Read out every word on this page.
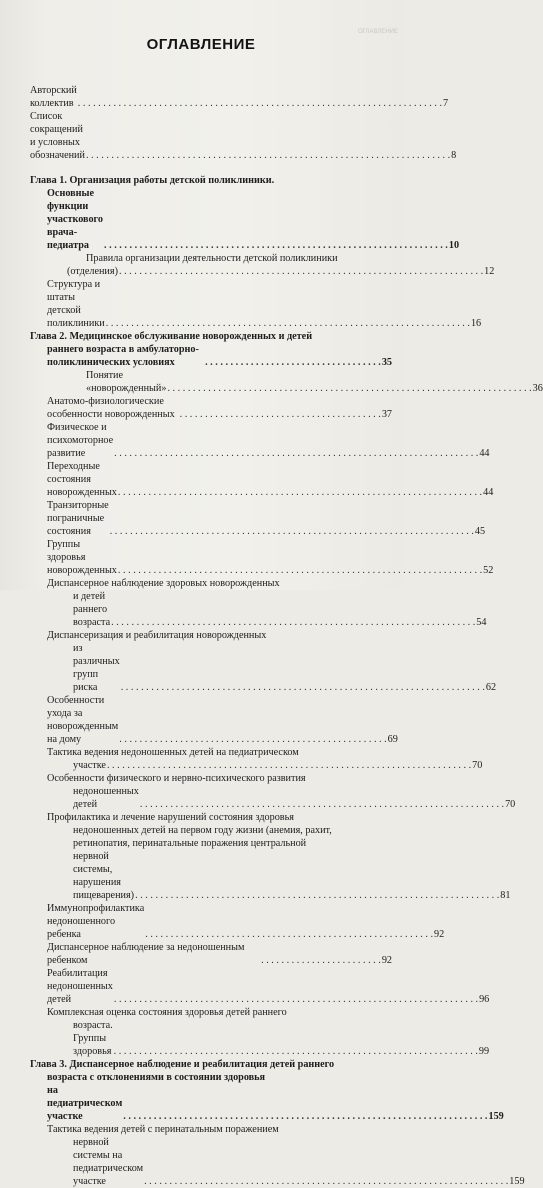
ОГЛАВЛЕНИЕ
ОГЛАВЛЕНИЕ
Авторский коллектив . . . . . . . . . . . . . . . . . . . . . . . . . . . . . . . . . . . . . . . . . . . . . . . . . . . . . . . . . . . . . . . . . . . . . . . . 7
Список сокращений и условных обозначений . . . . . . . . . . . . . . . . . . . . . . . . . . . . . . . . . . . . . . . . . . . . . . . . . . . . . . . . . . . . . . . . . . . . . . . . 8
Глава 1. Организация работы детской поликлиники.
Основные функции участкового врача-педиатра	. . . . . . . . . . . . . . . . . . . . . . . . . . . . . . . . . . . . . . . . . . . . . . . . . . . . . . . . . . . . . . . . . . . . 10
Правила организации деятельности детской поликлиники
(отделения) . . . . . . . . . . . . . . . . . . . . . . . . . . . . . . . . . . . . . . . . . . . . . . . . . . . . . . . . . . . . . . . . . . . . . . . . 12
Структура и штаты детской поликлиники . . . . . . . . . . . . . . . . . . . . . . . . . . . . . . . . . . . . . . . . . . . . . . . . . . . . . . . . . . . . . . . . . . . . . . . . 16
Глава 2. Медицинское обслуживание новорожденных и детей
раннего возраста в амбулаторно-поликлинических условиях	. . . . . . . . . . . . . . . . . . . . . . . . . . . . . . . . . . . 35
Понятие «новорожденный» . . . . . . . . . . . . . . . . . . . . . . . . . . . . . . . . . . . . . . . . . . . . . . . . . . . . . . . . . . . . . . . . . . . . . . . . 36
Анатомо-физиологические особенности новорожденных . . . . . . . . . . . . . . . . . . . . . . . . . . . . . . . . . . . . . . . . 37
Физическое и психомоторное развитие	. . . . . . . . . . . . . . . . . . . . . . . . . . . . . . . . . . . . . . . . . . . . . . . . . . . . . . . . . . . . . . . . . . . . . . . . 44
Переходные состояния новорожденных . . . . . . . . . . . . . . . . . . . . . . . . . . . . . . . . . . . . . . . . . . . . . . . . . . . . . . . . . . . . . . . . . . . . . . . . 44
Транзиторные пограничные состояния	. . . . . . . . . . . . . . . . . . . . . . . . . . . . . . . . . . . . . . . . . . . . . . . . . . . . . . . . . . . . . . . . . . . . . . . . 45
Группы здоровья новорожденных . . . . . . . . . . . . . . . . . . . . . . . . . . . . . . . . . . . . . . . . . . . . . . . . . . . . . . . . . . . . . . . . . . . . . . . . 52
Диспансерное наблюдение здоровых новорожденных
и детей раннего возраста . . . . . . . . . . . . . . . . . . . . . . . . . . . . . . . . . . . . . . . . . . . . . . . . . . . . . . . . . . . . . . . . . . . . . . . . 54
Диспансеризация и реабилитация новорожденных
из различных групп риска	. . . . . . . . . . . . . . . . . . . . . . . . . . . . . . . . . . . . . . . . . . . . . . . . . . . . . . . . . . . . . . . . . . . . . . . . 62
Особенности ухода за новорожденным на дому	. . . . . . . . . . . . . . . . . . . . . . . . . . . . . . . . . . . . . . . . . . . . . . . . . . . . . 69
Тактика ведения недоношенных детей на педиатрическом
участке . . . . . . . . . . . . . . . . . . . . . . . . . . . . . . . . . . . . . . . . . . . . . . . . . . . . . . . . . . . . . . . . . . . . . . . . 70
Особенности физического и нервно-психического развития
недоношенных детей	. . . . . . . . . . . . . . . . . . . . . . . . . . . . . . . . . . . . . . . . . . . . . . . . . . . . . . . . . . . . . . . . . . . . . . . . 70
Профилактика и лечение нарушений состояния здоровья
недоношенных детей на первом году жизни (анемия, рахит,
ретинопатия, перинатальные поражения центральной
нервной системы, нарушения пищеварения) . . . . . . . . . . . . . . . . . . . . . . . . . . . . . . . . . . . . . . . . . . . . . . . . . . . . . . . . . . . . . . . . . . . . . . . . 81
Иммунопрофилактика недоношенного ребенка	. . . . . . . . . . . . . . . . . . . . . . . . . . . . . . . . . . . . . . . . . . . . . . . . . . . . . . . . . 92
Диспансерное наблюдение за недоношенным ребенком	. . . . . . . . . . . . . . . . . . . . . . . . 92
Реабилитация недоношенных детей	. . . . . . . . . . . . . . . . . . . . . . . . . . . . . . . . . . . . . . . . . . . . . . . . . . . . . . . . . . . . . . . . . . . . . . . . 96
Комплексная оценка состояния здоровья детей раннего
возраста. Группы здоровья . . . . . . . . . . . . . . . . . . . . . . . . . . . . . . . . . . . . . . . . . . . . . . . . . . . . . . . . . . . . . . . . . . . . . . . . 99
Глава 3. Диспансерное наблюдение и реабилитация детей раннего
возраста с отклонениями в состоянии здоровья
на педиатрическом участке	. . . . . . . . . . . . . . . . . . . . . . . . . . . . . . . . . . . . . . . . . . . . . . . . . . . . . . . . . . . . . . . . . . . . . . . . 159
Тактика ведения детей с перинатальным поражением
нервной системы на педиатрическом участке	. . . . . . . . . . . . . . . . . . . . . . . . . . . . . . . . . . . . . . . . . . . . . . . . . . . . . . . . . . . . . . . . . . . . . . . . 159
